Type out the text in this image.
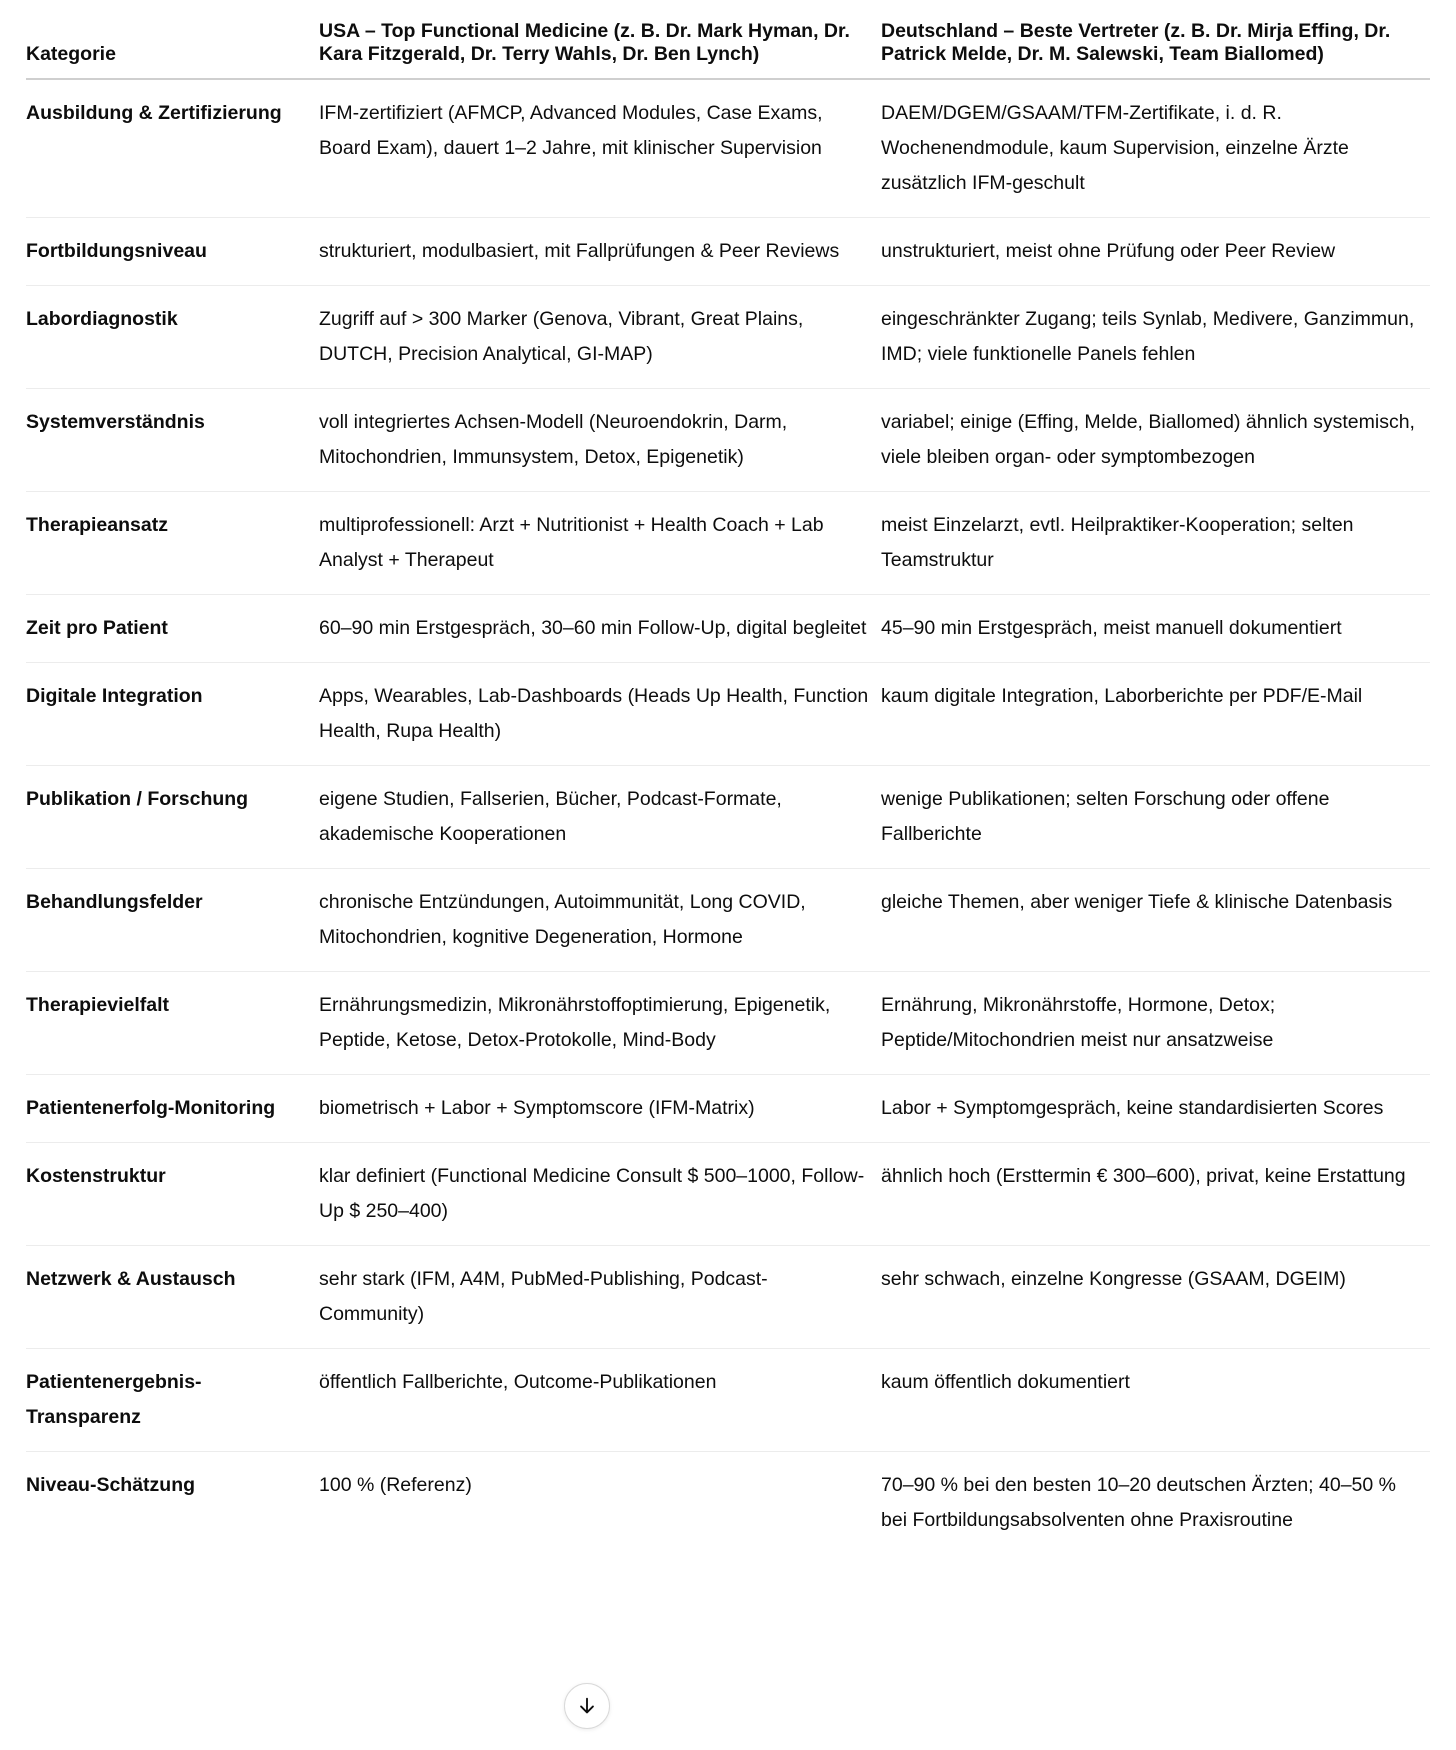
Kategorie	USA – Top Functional Medicine (z. B. Dr. Mark Hyman, Dr. Kara Fitzgerald, Dr. Terry Wahls, Dr. Ben Lynch)	Deutschland – Beste Vertreter (z. B. Dr. Mirja Effing, Dr. Patrick Melde, Dr. M. Salewski, Team Biallomed)
Ausbildung & Zertifizierung	IFM-zertifiziert (AFMCP, Advanced Modules, Case Exams, Board Exam), dauert 1–2 Jahre, mit klinischer Supervision	DAEM/DGEM/GSAAM/TFM-Zertifikate, i. d. R. Wochenendmodule, kaum Supervision, einzelne Ärzte zusätzlich IFM-geschult
Fortbildungsniveau	strukturiert, modulbasiert, mit Fallprüfungen & Peer Reviews	unstrukturiert, meist ohne Prüfung oder Peer Review
Labordiagnostik	Zugriff auf > 300 Marker (Genova, Vibrant, Great Plains, DUTCH, Precision Analytical, GI-MAP)	eingeschränkter Zugang; teils Synlab, Medivere, Ganzimmun, IMD; viele funktionelle Panels fehlen
Systemverständnis	voll integriertes Achsen-Modell (Neuroendokrin, Darm, Mitochondrien, Immunsystem, Detox, Epigenetik)	variabel; einige (Effing, Melde, Biallomed) ähnlich systemisch, viele bleiben organ- oder symptombezogen
Therapieansatz	multiprofessionell: Arzt + Nutritionist + Health Coach + Lab Analyst + Therapeut	meist Einzelarzt, evtl. Heilpraktiker-Kooperation; selten Teamstruktur
Zeit pro Patient	60–90 min Erstgespräch, 30–60 min Follow-Up, digital begleitet	45–90 min Erstgespräch, meist manuell dokumentiert
Digitale Integration	Apps, Wearables, Lab-Dashboards (Heads Up Health, Function Health, Rupa Health)	kaum digitale Integration, Laborberichte per PDF/E-Mail
Publikation / Forschung	eigene Studien, Fallserien, Bücher, Podcast-Formate, akademische Kooperationen	wenige Publikationen; selten Forschung oder offene Fallberichte
Behandlungsfelder	chronische Entzündungen, Autoimmunität, Long COVID, Mitochondrien, kognitive Degeneration, Hormone	gleiche Themen, aber weniger Tiefe & klinische Datenbasis
Therapievielfalt	Ernährungsmedizin, Mikronährstoffoptimierung, Epigenetik, Peptide, Ketose, Detox-Protokolle, Mind-Body	Ernährung, Mikronährstoffe, Hormone, Detox; Peptide/Mitochondrien meist nur ansatzweise
Patientenerfolg-Monitoring	biometrisch + Labor + Symptomscore (IFM-Matrix)	Labor + Symptomgespräch, keine standardisierten Scores
Kostenstruktur	klar definiert (Functional Medicine Consult $ 500–1000, Follow-Up $ 250–400)	ähnlich hoch (Ersttermin € 300–600), privat, keine Erstattung
Netzwerk & Austausch	sehr stark (IFM, A4M, PubMed-Publishing, Podcast-Community)	sehr schwach, einzelne Kongresse (GSAAM, DGEIM)
Patientenergebnis-Transparenz	öffentlich Fallberichte, Outcome-Publikationen	kaum öffentlich dokumentiert
Niveau-Schätzung	100 % (Referenz)	70–90 % bei den besten 10–20 deutschen Ärzten; 40–50 % bei Fortbildungsabsolventen ohne Praxisroutine
